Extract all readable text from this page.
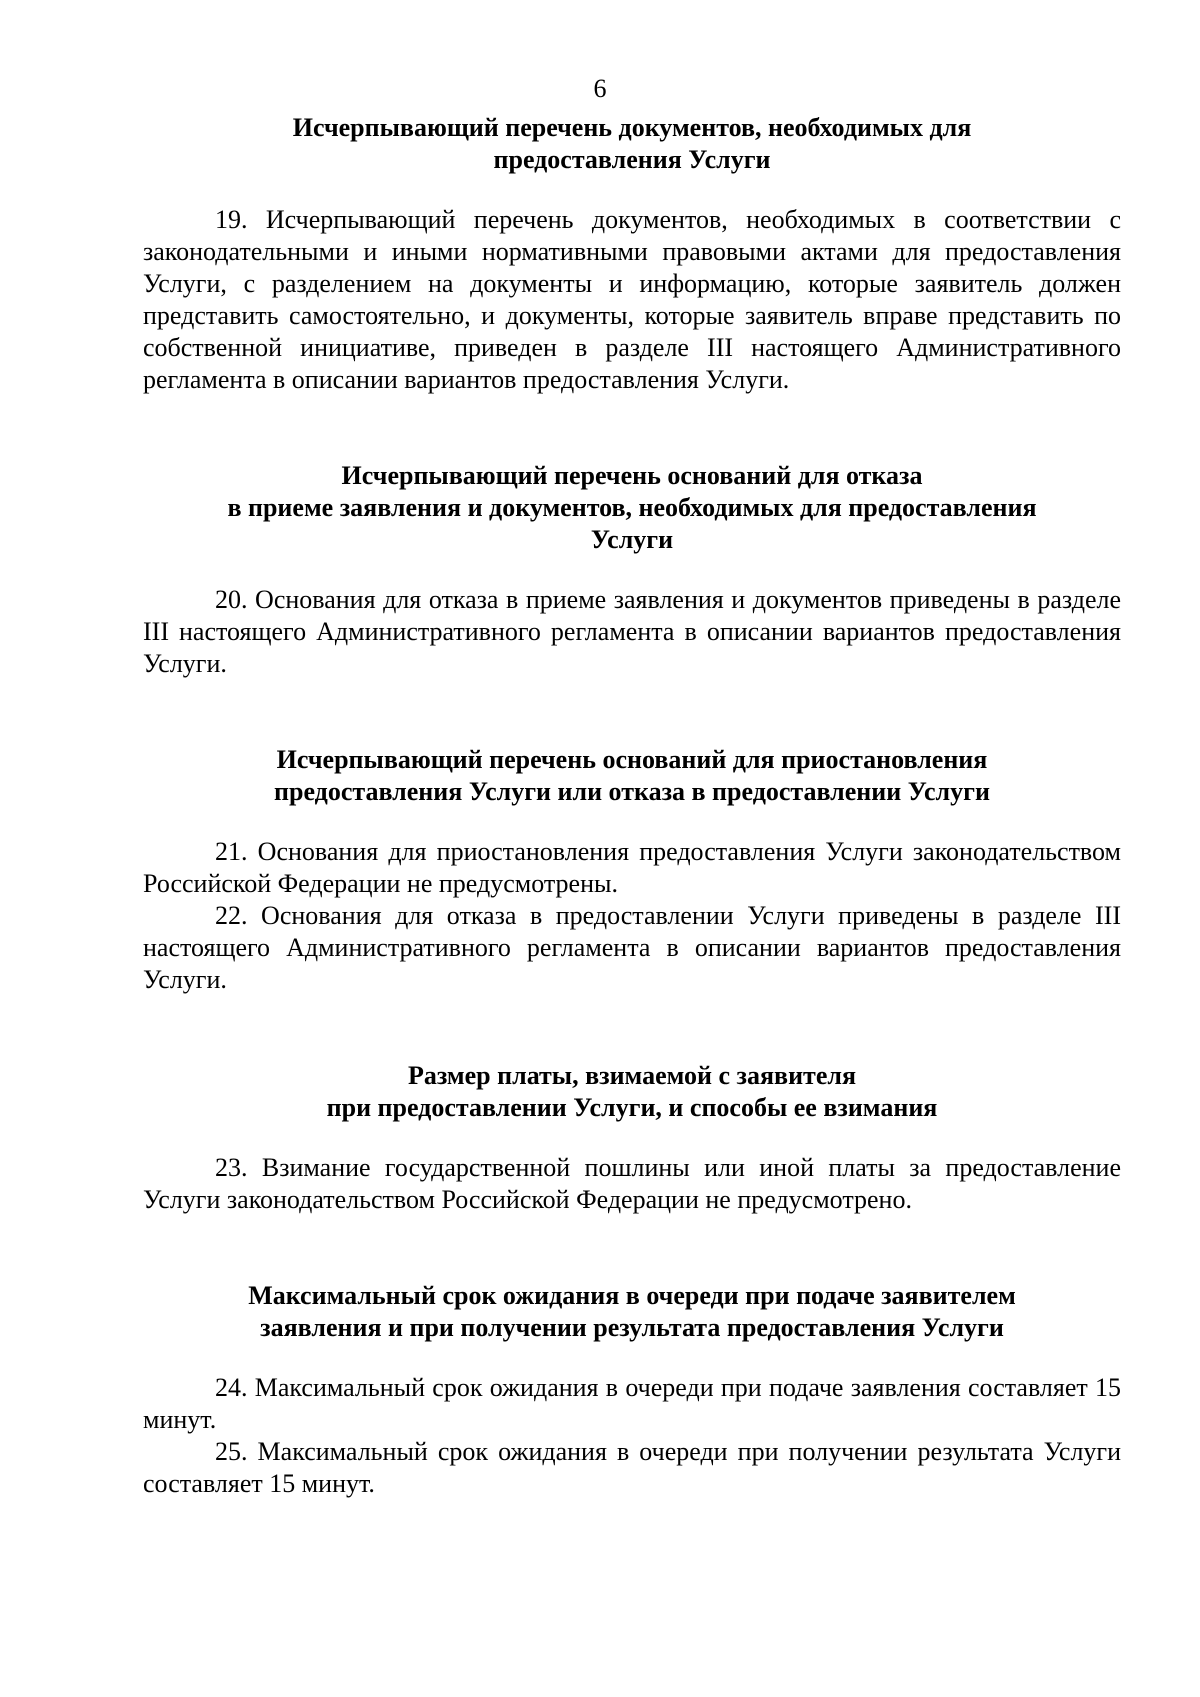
6
Исчерпывающий перечень документов, необходимых для
предоставления Услуги

19. Исчерпывающий перечень документов, необходимых в соответствии с законодательными и иными нормативными правовыми актами для предоставления Услуги, с разделением на документы и информацию, которые заявитель должен представить самостоятельно, и документы, которые заявитель вправе представить по собственной инициативе, приведен в разделе III настоящего Административного регламента в описании вариантов предоставления Услуги.

Исчерпывающий перечень оснований для отказа
в приеме заявления и документов, необходимых для предоставления
Услуги

20. Основания для отказа в приеме заявления и документов приведены в разделе III настоящего Административного регламента в описании вариантов предоставления Услуги.

Исчерпывающий перечень оснований для приостановления
предоставления Услуги или отказа в предоставлении Услуги

21. Основания для приостановления предоставления Услуги законодательством Российской Федерации не предусмотрены.

22. Основания для отказа в предоставлении Услуги приведены в разделе III настоящего Административного регламента в описании вариантов предоставления Услуги.

Размер платы, взимаемой с заявителя
при предоставлении Услуги, и способы ее взимания

23. Взимание государственной пошлины или иной платы за предоставление Услуги законодательством Российской Федерации не предусмотрено.

Максимальный срок ожидания в очереди при подаче заявителем
заявления и при получении результата предоставления Услуги

24. Максимальный срок ожидания в очереди при подаче заявления составляет 15 минут.

25. Максимальный срок ожидания в очереди при получении результата Услуги составляет 15 минут.
